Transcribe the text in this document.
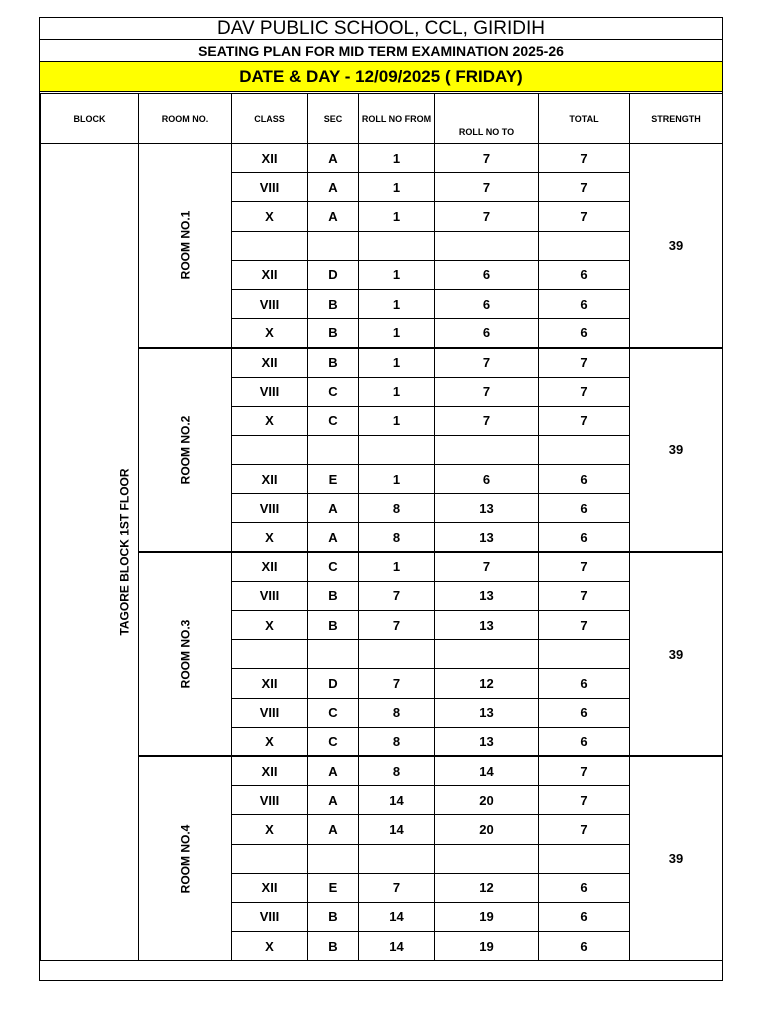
DAV PUBLIC SCHOOL, CCL, GIRIDIH
SEATING PLAN FOR MID TERM EXAMINATION 2025-26
DATE & DAY - 12/09/2025 ( FRIDAY)
BLOCK	ROOM NO.	CLASS	SEC	ROLL NO FROM	ROLL NO TO	TOTAL	STRENGTH
TAGORE BLOCK 1ST FLOOR	ROOM NO.1	XII	A	1	7	7	39
		VIII	A	1	7	7	
		X	A	1	7	7	

		XII	D	1	6	6	
		VIII	B	1	6	6	
		X	B	1	6	6	
	ROOM NO.2	XII	B	1	7	7	39
		VIII	C	1	7	7	
		X	C	1	7	7	

		XII	E	1	6	6	
		VIII	A	8	13	6	
		X	A	8	13	6	
	ROOM NO.3	XII	C	1	7	7	39
		VIII	B	7	13	7	
		X	B	7	13	7	

		XII	D	7	12	6	
		VIII	C	8	13	6	
		X	C	8	13	6	
	ROOM NO.4	XII	A	8	14	7	39
		VIII	A	14	20	7	
		X	A	14	20	7	

		XII	E	7	12	6	
		VIII	B	14	19	6	
		X	B	14	19	6	
